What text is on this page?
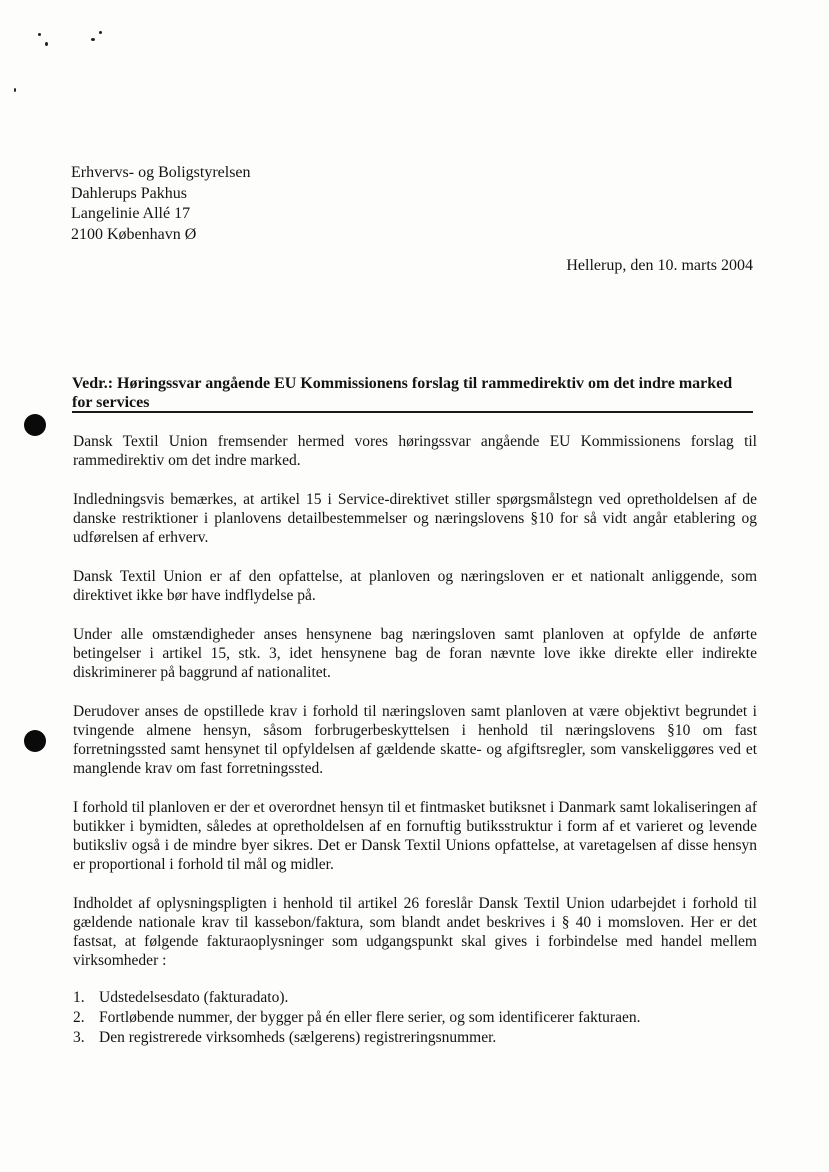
Erhvervs- og Boligstyrelsen
Dahlerups Pakhus
Langelinie Allé 17
2100 København Ø
Hellerup, den 10. marts 2004
Vedr.: Høringssvar angående EU Kommissionens forslag til rammedirektiv om det indre marked for services

Dansk Textil Union fremsender hermed vores høringssvar angående EU Kommissionens forslag til rammedirektiv om det indre marked.

Indledningsvis bemærkes, at artikel 15 i Service-direktivet stiller spørgsmålstegn ved opretholdelsen af de danske restriktioner i planlovens detailbestemmelser og næringslovens §10 for så vidt angår etablering og udførelsen af erhverv.

Dansk Textil Union er af den opfattelse, at planloven og næringsloven er et nationalt anliggende, som direktivet ikke bør have indflydelse på.

Under alle omstændigheder anses hensynene bag næringsloven samt planloven at opfylde de anførte betingelser i artikel 15, stk. 3, idet hensynene bag de foran nævnte love ikke direkte eller indirekte diskriminerer på baggrund af nationalitet.

Derudover anses de opstillede krav i forhold til næringsloven samt planloven at være objektivt begrundet i tvingende almene hensyn, såsom forbrugerbeskyttelsen i henhold til næringslovens §10 om fast forretningssted samt hensynet til opfyldelsen af gældende skatte- og afgiftsregler, som vanskeliggøres ved et manglende krav om fast forretningssted.

I forhold til planloven er der et overordnet hensyn til et fintmasket butiksnet i Danmark samt lokaliseringen af butikker i bymidten, således at opretholdelsen af en fornuftig butiksstruktur i form af et varieret og levende butiksliv også i de mindre byer sikres. Det er Dansk Textil Unions opfattelse, at varetagelsen af disse hensyn er proportional i forhold til mål og midler.

Indholdet af oplysningspligten i henhold til artikel 26 foreslår Dansk Textil Union udarbejdet i forhold til gældende nationale krav til kassebon/faktura, som blandt andet beskrives i § 40 i momsloven. Her er det fastsat, at følgende fakturaoplysninger som udgangspunkt skal gives i forbindelse med handel mellem virksomheder :

1. Udstedelsesdato (fakturadato).
2. Fortløbende nummer, der bygger på én eller flere serier, og som identificerer fakturaen.
3. Den registrerede virksomheds (sælgerens) registreringsnummer.
